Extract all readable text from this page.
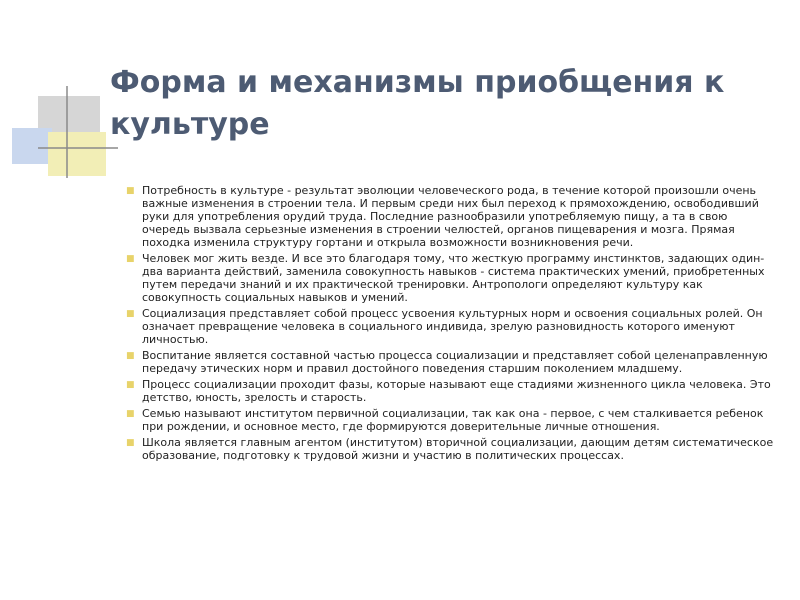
Форма и механизмы приобщения к культуре
■ Потребность в культуре - результат эволюции человеческого рода, в течение которой произошли очень важные изменения в строении тела. И первым среди них был переход к прямохождению, освободивший руки для употребления орудий труда. Последние разнообразили употребляемую пищу, а та в свою очередь вызвала серьезные изменения в строении челюстей, органов пищеварения и мозга. Прямая походка изменила структуру гортани и открыла возможности возникновения речи.
■ Человек мог жить везде. И все это благодаря тому, что жесткую программу инстинктов, задающих один-два варианта действий, заменила совокупность навыков - система практических умений, приобретенных путем передачи знаний и их практической тренировки. Антропологи определяют культуру как совокупность социальных навыков и умений.
■ Социализация представляет собой процесс усвоения культурных норм и освоения социальных ролей. Он означает превращение человека в социального индивида, зрелую разновидность которого именуют личностью.
■ Воспитание является составной частью процесса социализации и представляет собой целенаправленную передачу этических норм и правил достойного поведения старшим поколением младшему.
■ Процесс социализации проходит фазы, которые называют еще стадиями жизненного цикла человека. Это детство, юность, зрелость и старость.
■ Семью называют институтом первичной социализации, так как она - первое, с чем сталкивается ребенок при рождении, и основное место, где формируются доверительные личные отношения.
■ Школа является главным агентом (институтом) вторичной социализации, дающим детям систематическое образование, подготовку к трудовой жизни и участию в политических процессах.
